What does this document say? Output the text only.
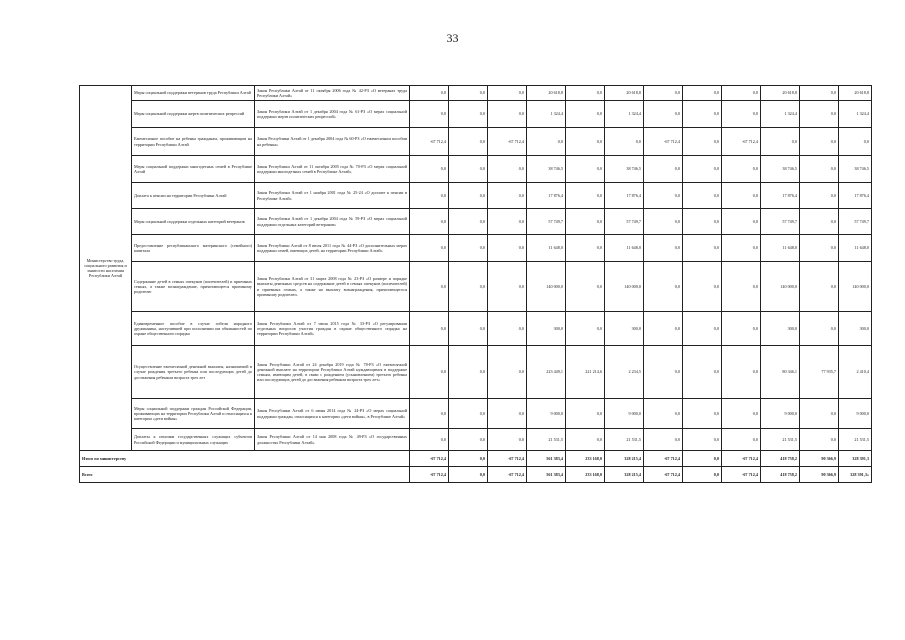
33
Министерство труда, социального развития и занятости населения Республики Алтай	Меры социальной поддержки ветеранов труда Республики Алтай	Закон Республики Алтай от 11 октября 2006 года № 42-РЗ «О ветеранах труда Республики Алтай»	0,0	0,0	0,0	20 618,8	0,0	20 618,8	0,0	0,0	0,0	20 618,8	0,0	20 618,8
	Меры социальной поддержки жертв политических репрессий	Закон Республики Алтай от 1 декабря 2004 года № 61-РЗ «О мерах социальной поддержки жертв политических репрессий»	0,0	0,0	0,0	1 324,4	0,0	1 324,4	0,0	0,0	0,0	1 324,4	0,0	1 324,4
	Ежемесячное пособие на ребенка гражданам, проживающим на территории Республики Алтай	Закон Республики Алтай от 1 декабря 2004 года № 60-РЗ «О ежемесячном пособии на ребенка»	-67 712,4	0,0	-67 712,4	0,0	0,0	0,0	-67 712,4	0,0	-67 712,4	0,0	0,0	0,0
	Меры социальной поддержки многодетных семей в Республике Алтай	Закон Республики Алтай от 11 октября 2005 года № 70-РЗ «О мерах социальной поддержки многодетных семей в Республике Алтай»	0,0	0,0	0,0	38 746,5	0,0	38 746,5	0,0	0,0	0,0	38 746,5	0,0	38 746,5
	Доплата к пенсии на территории Республики Алтай	Закон Республики Алтай от 1 ноября 2001 года № 25-24 «О доплате к пенсии в Республике Алтай»	0,0	0,0	0,0	17 876,4	0,0	17 876,4	0,0	0,0	0,0	17 876,4	0,0	17 876,4
	Меры социальной поддержки отдельных категорий ветеранов	Закон Республики Алтай от 1 декабря 2004 года № 59-РЗ «О мерах социальной поддержки отдельных категорий ветеранов»	0,0	0,0	0,0	57 749,7	0,0	57 749,7	0,0	0,0	0,0	57 749,7	0,0	57 749,7
	Предоставление республиканского материнского (семейного) капитала	Закон Республики Алтай от 8 июля 2011 года № 44-РЗ «О дополнительных мерах поддержки семей, имеющих детей, на территории Республики Алтай»	0,0	0,0	0,0	11 648,0	0,0	11 648,0	0,0	0,0	0,0	11 648,0	0,0	11 648,0
	Содержание детей в семьях опекунов (попечителей) и приемных семьях, а также вознаграждение, причитающееся приемному родителю	Закон Республики Алтай от 31 марта 2008 года № 23-РЗ «О размере и порядке выплаты денежных средств на содержание детей в семьях опекунов (попечителей) и приемных семьях, а также на выплату вознаграждения, причитающегося приемному родителю»	0,0	0,0	0,0	140 000,0	0,0	140 000,0	0,0	0,0	0,0	140 000,0	0,0	140 000,0
	Единовременное пособие в случае гибели народного дружинника, наступившей при исполнении им обязанностей по охране общественного порядка	Закон Республики Алтай от 7 июля 2015 года № 33-РЗ «О регулировании отдельных вопросов участия граждан в охране общественного порядка на территории Республики Алтай»	0,0	0,0	0,0	300,0	0,0	300,0	0,0	0,0	0,0	300,0	0,0	300,0
	Осуществление ежемесячной денежной выплаты, назначаемой в случае рождения третьего ребенка или последующих детей до достижения ребенком возраста трех лет	Закон Республики Алтай от 24 декабря 2019 года № 78-РЗ «О ежемесячной денежной выплате на территории Республики Алтай нуждающимся в поддержке семьям, имеющим детей, в связи с рождением (усыновлением) третьего ребенка или последующих детей до достижения ребенком возраста трех лет»	0,0	0,0	0,0	223 449,1	221 214,6	2 234,5	0,0	0,0	0,0	80 346,1	77 935,7	2 410,4
	Меры социальной поддержки граждан Российской Федерации, проживающих на территории Республики Алтай и относящихся к категории «дети войны»	Закон Республики Алтай от 6 июня 2014 года № 24-РЗ «О мерах социальной поддержки граждан, относящихся к категории «дети войны», в Республике Алтай»	0,0	0,0	0,0	9 000,0	0,0	9 000,0	0,0	0,0	0,0	9 000,0	0,0	9 000,0
	Доплаты к пенсиям государственных служащих субъектов Российской Федерации и муниципальных служащих	Закон Республики Алтай от 14 мая 2008 года № 49-РЗ «О государственных должностях Республики Алтай»	0,0	0,0	0,0	21 531,5	0,0	21 531,5	0,0	0,0	0,0	21 531,5	0,0	21 531,5
Итого по министерству			-67 712,4	0,0	-67 712,4	561 383,4	233 168,0	328 215,4	-67 712,4	0,0	-67 712,4	418 758,2	90 366,9	328 391,3
Всего			-67 712,4	0,0	-67 712,4	561 383,4	233 168,0	328 215,4	-67 712,4	0,0	-67 712,4	418 758,2	90 366,9	328 391,3»
